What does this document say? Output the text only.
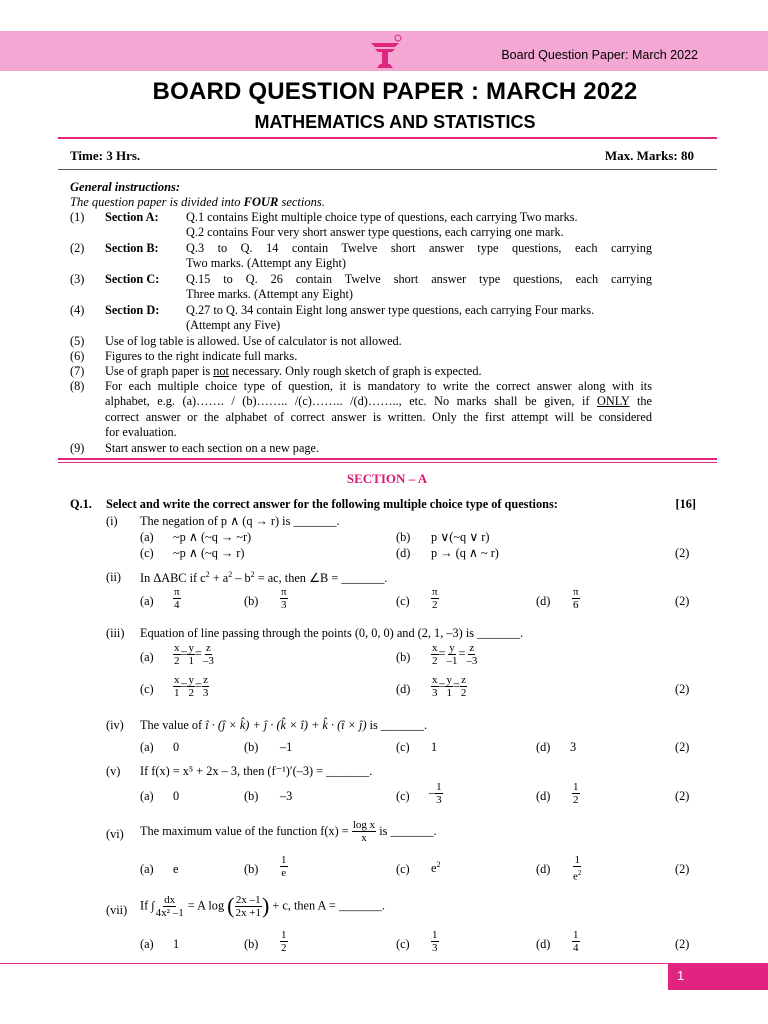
Board Question Paper: March 2022
BOARD QUESTION PAPER : MARCH 2022
MATHEMATICS AND STATISTICS
Time: 3 Hrs.	Max. Marks: 80
General instructions:
The question paper is divided into FOUR sections.
(1) Section A: Q.1 contains Eight multiple choice type of questions, each carrying Two marks.
Q.2 contains Four very short answer type questions, each carrying one mark.
(2) Section B: Q.3 to Q. 14 contain Twelve short answer type questions, each carrying
Two marks. (Attempt any Eight)
(3) Section C: Q.15 to Q. 26 contain Twelve short answer type questions, each carrying
Three marks. (Attempt any Eight)
(4) Section D: Q.27 to Q. 34 contain Eight long answer type questions, each carrying Four marks.
(Attempt any Five)
(5) Use of log table is allowed. Use of calculator is not allowed.
(6) Figures to the right indicate full marks.
(7) Use of graph paper is not necessary. Only rough sketch of graph is expected.
(8) For each multiple choice type of question, it is mandatory to write the correct answer along with its
alphabet, e.g. (a)……. / (b)…….. /(c)…….. /(d)…….., etc. No marks shall be given, if ONLY the
correct answer or the alphabet of correct answer is written. Only the first attempt will be considered
for evaluation.
(9) Start answer to each section on a new page.
SECTION – A
Q.1. Select and write the correct answer for the following multiple choice type of questions:	[16]
(i) The negation of p ∧ (q → r) is _______.
(a) ~p ∧ (~q → ~r)	(b) p ∨(~q ∨ r)
(c) ~p ∧ (~q → r)	(d) p → (q ∧ ~ r)	(2)
(ii) In ΔABC if $c^2 + a^2 - b^2$ = ac, then ∠B = _______.
$(a) \frac{\pi}{4}$	$(b) \frac{\pi}{3}$	$(c) \frac{\pi}{2}$	$(d) \frac{\pi}{6}$	(2)
(iii) Equation of line passing through the points (0, 0, 0) and (2, 1, –3) is _______.
$(a) \frac{x}{2} = \frac{y}{1} = \frac{z}{-3}$	$(b) \frac{x}{2} = \frac{y}{-1} = \frac{z}{-3}$
$(c) \frac{x}{1} = \frac{y}{2} = \frac{z}{3}$	$(d) \frac{x}{3} = \frac{y}{1} = \frac{z}{2}$	(2)
(iv) The value of î · (ĵ × k̂) + ĵ · (k̂ × î) + k̂ · (î × ĵ) is _______.
(a) 0	(b) –1	(c) 1	(d) 3	(2)
(v) If f(x) = x⁵ + 2x – 3, then (f⁻¹)′(–3) = _______.
(a) 0	(b) –3	$(c) - \frac{1}{3}$	$(d) \frac{1}{2}$	(2)
(vi) The maximum value of the function $f(x) = \frac{\text{log x}}{x}$ is _______.
(a) e	$(b) \frac{1}{e}$	(c) $e^2$	$(d) \frac{1}{e^2}$	(2)
(vii) If ∫ $\frac{dx}{\text{4x² –1}} = A$ log ( $\frac{2x -1}{2x +1}$ ) + c, then A = _______.
(a) 1	$(b) \frac{1}{2}$	$(c) \frac{1}{3}$	$(d) \frac{1}{4}$	(2)
1
